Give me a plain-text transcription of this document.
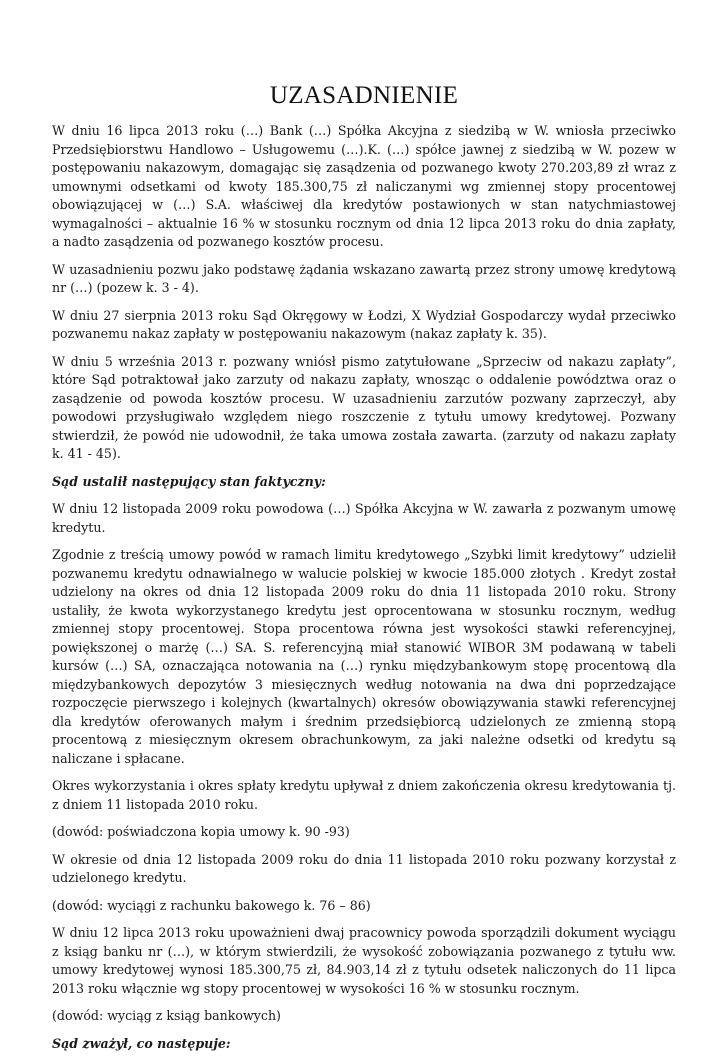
UZASADNIENIE

W dniu 16 lipca 2013 roku (…) Bank (…) Spółka Akcyjna z siedzibą w W. wniosła przeciwko Przedsiębiorstwu Handlowo – Usługowemu (…).K. (…) spółce jawnej z siedzibą w W. pozew w postępowaniu nakazowym, domagając się zasądzenia od pozwanego kwoty 270.203,89 zł wraz z umownymi odsetkami od kwoty 185.300,75 zł naliczanymi wg zmiennej stopy procentowej obowiązującej w (…) S.A. właściwej dla kredytów postawionych w stan natychmiastowej wymagalności – aktualnie 16 % w stosunku rocznym od dnia 12 lipca 2013 roku do dnia zapłaty, a nadto zasądzenia od pozwanego kosztów procesu.

W uzasadnieniu pozwu jako podstawę żądania wskazano zawartą przez strony umowę kredytową nr (…) (pozew k. 3 - 4).

W dniu 27 sierpnia 2013 roku Sąd Okręgowy w Łodzi, X Wydział Gospodarczy wydał przeciwko pozwanemu nakaz zapłaty w postępowaniu nakazowym (nakaz zapłaty k. 35).

W dniu 5 września 2013 r. pozwany wniósł pismo zatytułowane „Sprzeciw od nakazu zapłaty”, które Sąd potraktował jako zarzuty od nakazu zapłaty, wnosząc o oddalenie powództwa oraz o zasądzenie od powoda kosztów procesu. W uzasadnieniu zarzutów pozwany zaprzeczył, aby powodowi przysługiwało względem niego roszczenie z tytułu umowy kredytowej. Pozwany stwierdził, że powód nie udowodnił, że taka umowa została zawarta. (zarzuty od nakazu zapłaty k. 41 - 45).

Sąd ustalił następujący stan faktyczny:

W dniu 12 listopada 2009 roku powodowa (…) Spółka Akcyjna w W. zawarła z pozwanym umowę kredytu.

Zgodnie z treścią umowy powód w ramach limitu kredytowego „Szybki limit kredytowy” udzielił pozwanemu kredytu odnawialnego w walucie polskiej w kwocie 185.000 złotych . Kredyt został udzielony na okres od dnia 12 listopada 2009 roku do dnia 11 listopada 2010 roku. Strony ustaliły, że kwota wykorzystanego kredytu jest oprocentowana w stosunku rocznym, według zmiennej stopy procentowej. Stopa procentowa równa jest wysokości stawki referencyjnej, powiększonej o marżę (…) SA. S. referencyjną miał stanowić WIBOR 3M podawaną w tabeli kursów (…) SA, oznaczająca notowania na (…) rynku międzybankowym stopę procentową dla międzybankowych depozytów 3 miesięcznych według notowania na dwa dni poprzedzające rozpoczęcie pierwszego i kolejnych (kwartalnych) okresów obowiązywania stawki referencyjnej dla kredytów oferowanych małym i średnim przedsiębiorcą udzielonych ze zmienną stopą procentową z miesięcznym okresem obrachunkowym, za jaki należne odsetki od kredytu są naliczane i spłacane.

Okres wykorzystania i okres spłaty kredytu upływał z dniem zakończenia okresu kredytowania tj. z dniem 11 listopada 2010 roku.

(dowód: poświadczona kopia umowy k. 90 -93)

W okresie od dnia 12 listopada 2009 roku do dnia 11 listopada 2010 roku pozwany korzystał z udzielonego kredytu.

(dowód: wyciągi z rachunku bakowego k. 76 – 86)

W dniu 12 lipca 2013 roku upoważnieni dwaj pracownicy powoda sporządzili dokument wyciągu z ksiąg banku nr (…), w którym stwierdzili, że wysokość zobowiązania pozwanego z tytułu ww. umowy kredytowej wynosi 185.300,75 zł, 84.903,14 zł z tytułu odsetek naliczonych do 11 lipca 2013 roku włącznie wg stopy procentowej w wysokości 16 % w stosunku rocznym.

(dowód: wyciąg z ksiąg bankowych)

Sąd zważył, co następuje:
